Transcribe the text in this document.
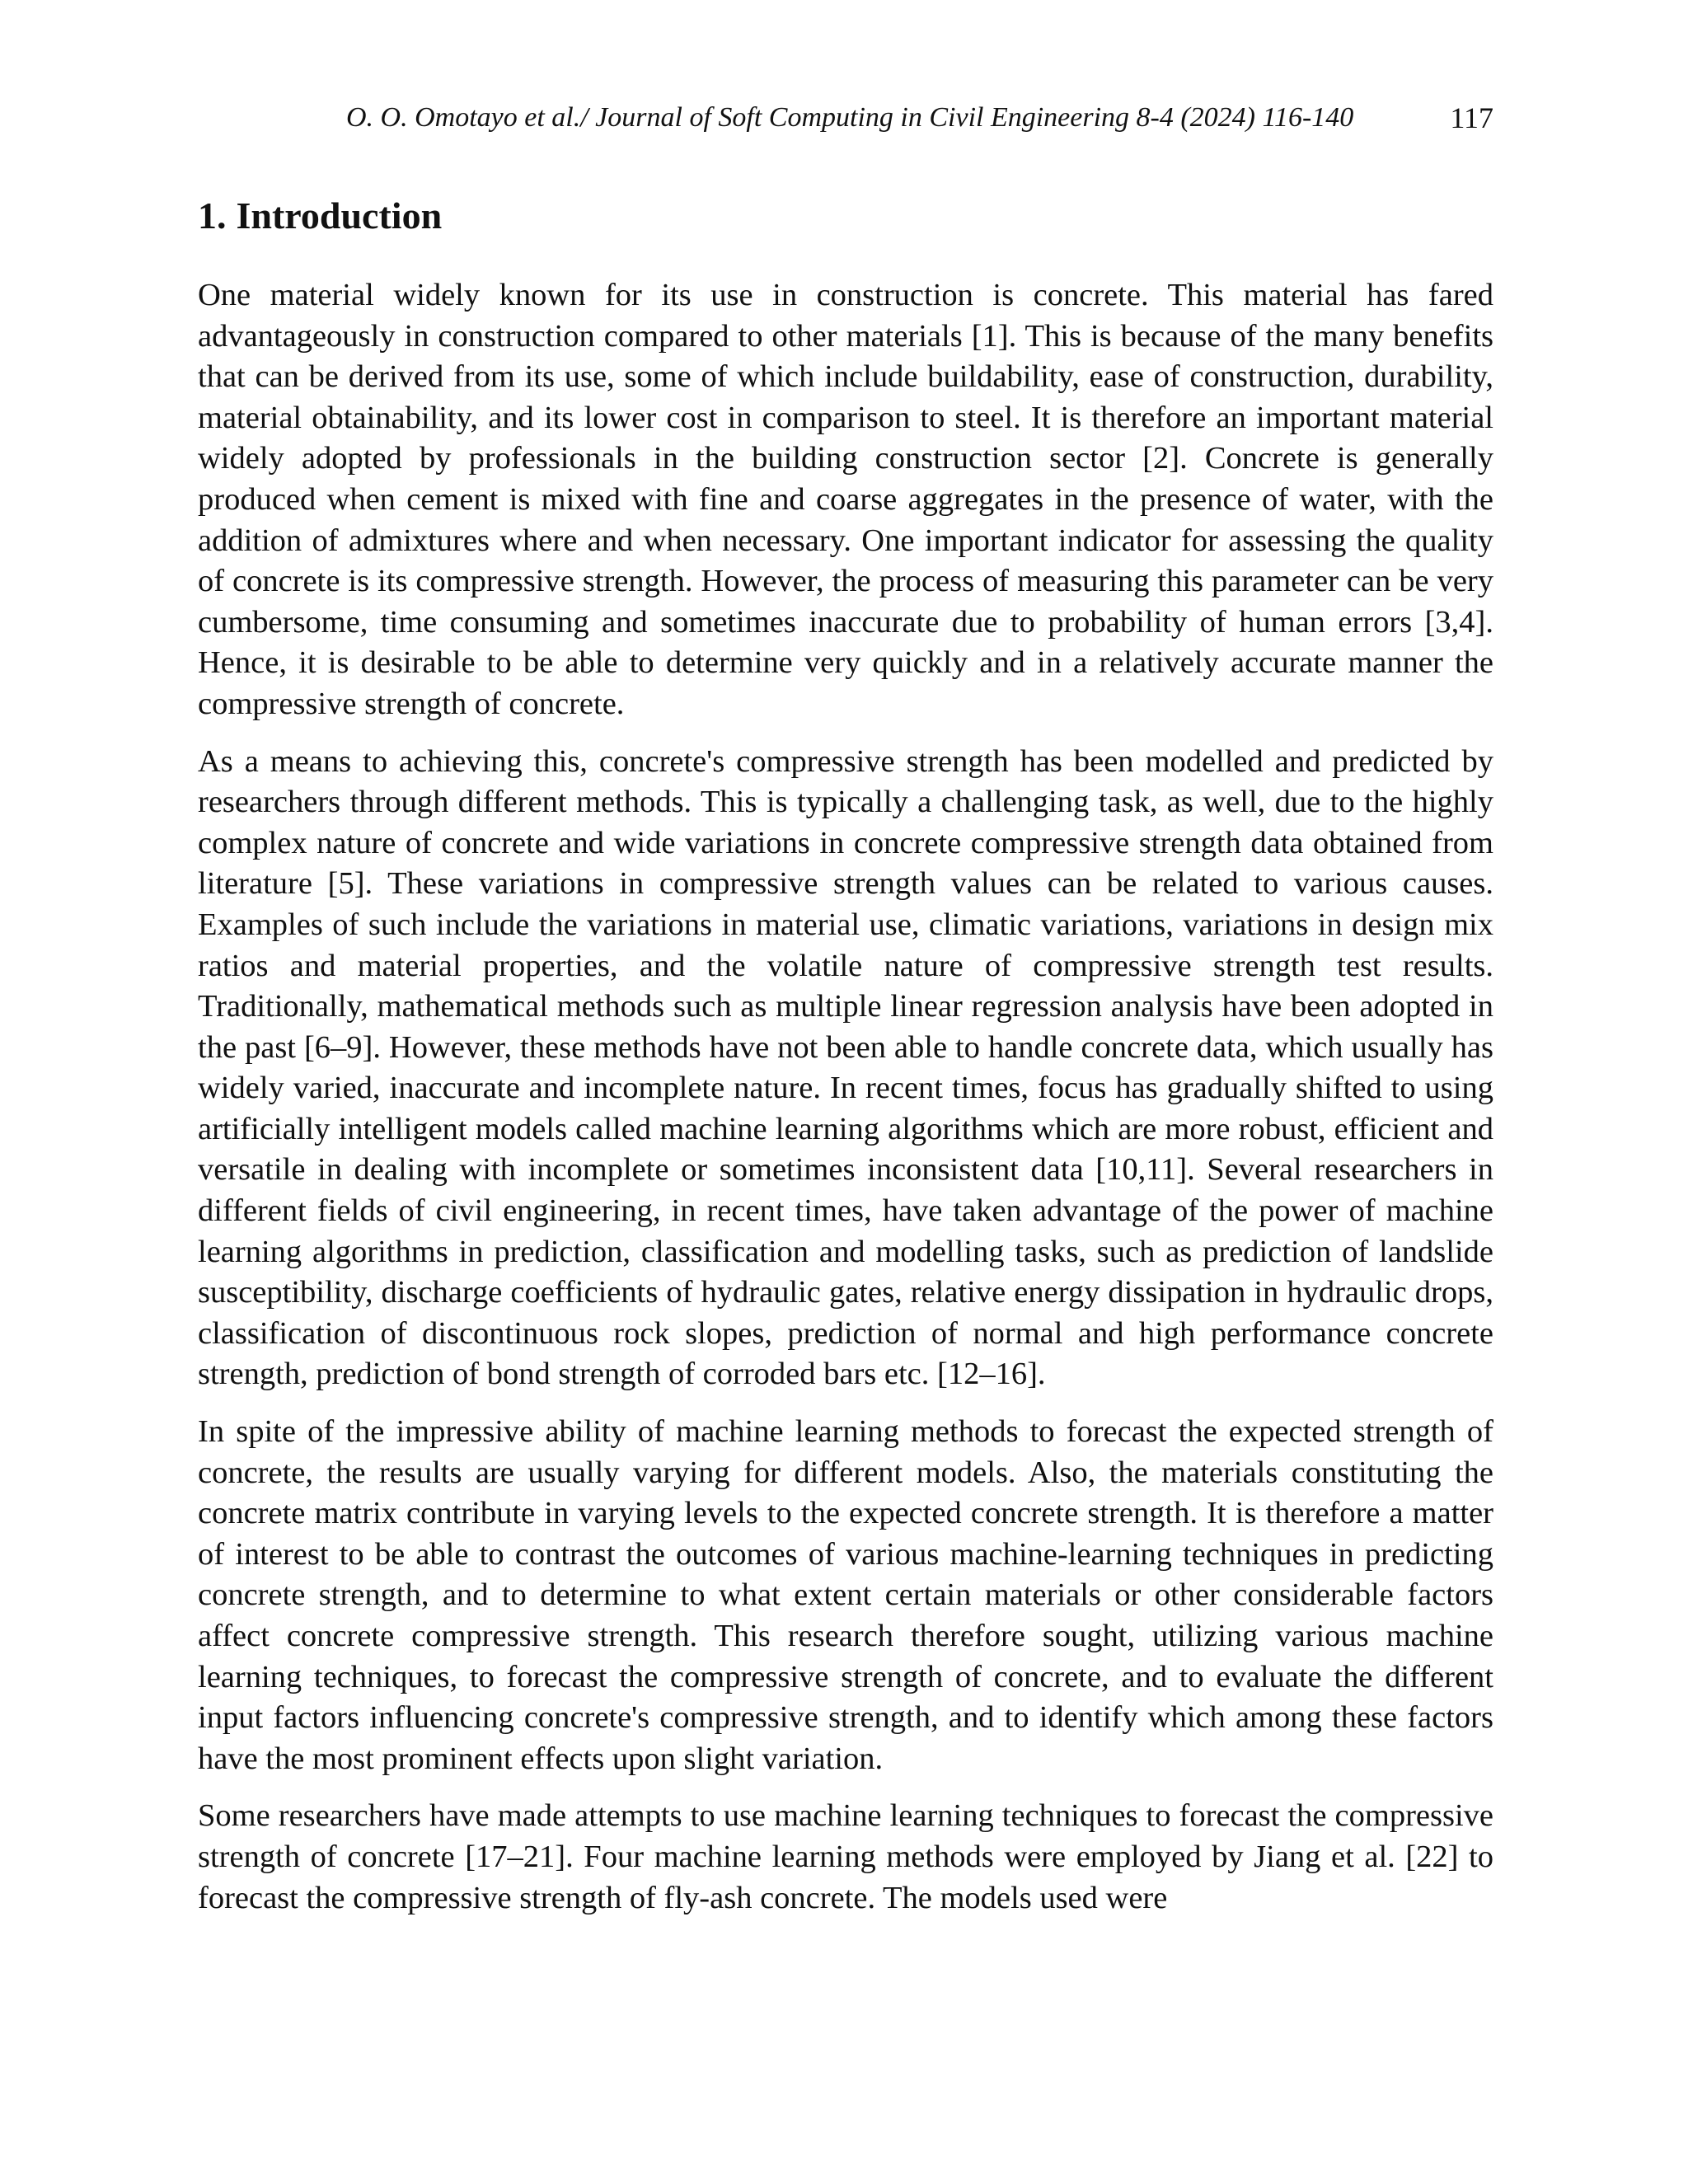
O. O. Omotayo et al./ Journal of Soft Computing in Civil Engineering 8-4 (2024) 116-140	117
1. Introduction

One material widely known for its use in construction is concrete. This material has fared advantageously in construction compared to other materials [1]. This is because of the many benefits that can be derived from its use, some of which include buildability, ease of construction, durability, material obtainability, and its lower cost in comparison to steel. It is therefore an important material widely adopted by professionals in the building construction sector [2]. Concrete is generally produced when cement is mixed with fine and coarse aggregates in the presence of water, with the addition of admixtures where and when necessary. One important indicator for assessing the quality of concrete is its compressive strength. However, the process of measuring this parameter can be very cumbersome, time consuming and sometimes inaccurate due to probability of human errors [3,4]. Hence, it is desirable to be able to determine very quickly and in a relatively accurate manner the compressive strength of concrete.

As a means to achieving this, concrete's compressive strength has been modelled and predicted by researchers through different methods. This is typically a challenging task, as well, due to the highly complex nature of concrete and wide variations in concrete compressive strength data obtained from literature [5]. These variations in compressive strength values can be related to various causes. Examples of such include the variations in material use, climatic variations, variations in design mix ratios and material properties, and the volatile nature of compressive strength test results. Traditionally, mathematical methods such as multiple linear regression analysis have been adopted in the past [6–9]. However, these methods have not been able to handle concrete data, which usually has widely varied, inaccurate and incomplete nature. In recent times, focus has gradually shifted to using artificially intelligent models called machine learning algorithms which are more robust, efficient and versatile in dealing with incomplete or sometimes inconsistent data [10,11]. Several researchers in different fields of civil engineering, in recent times, have taken advantage of the power of machine learning algorithms in prediction, classification and modelling tasks, such as prediction of landslide susceptibility, discharge coefficients of hydraulic gates, relative energy dissipation in hydraulic drops, classification of discontinuous rock slopes, prediction of normal and high performance concrete strength, prediction of bond strength of corroded bars etc. [12–16].

In spite of the impressive ability of machine learning methods to forecast the expected strength of concrete, the results are usually varying for different models. Also, the materials constituting the concrete matrix contribute in varying levels to the expected concrete strength. It is therefore a matter of interest to be able to contrast the outcomes of various machine-learning techniques in predicting concrete strength, and to determine to what extent certain materials or other considerable factors affect concrete compressive strength. This research therefore sought, utilizing various machine learning techniques, to forecast the compressive strength of concrete, and to evaluate the different input factors influencing concrete's compressive strength, and to identify which among these factors have the most prominent effects upon slight variation.

Some researchers have made attempts to use machine learning techniques to forecast the compressive strength of concrete [17–21]. Four machine learning methods were employed by Jiang et al. [22] to forecast the compressive strength of fly-ash concrete. The models used were
